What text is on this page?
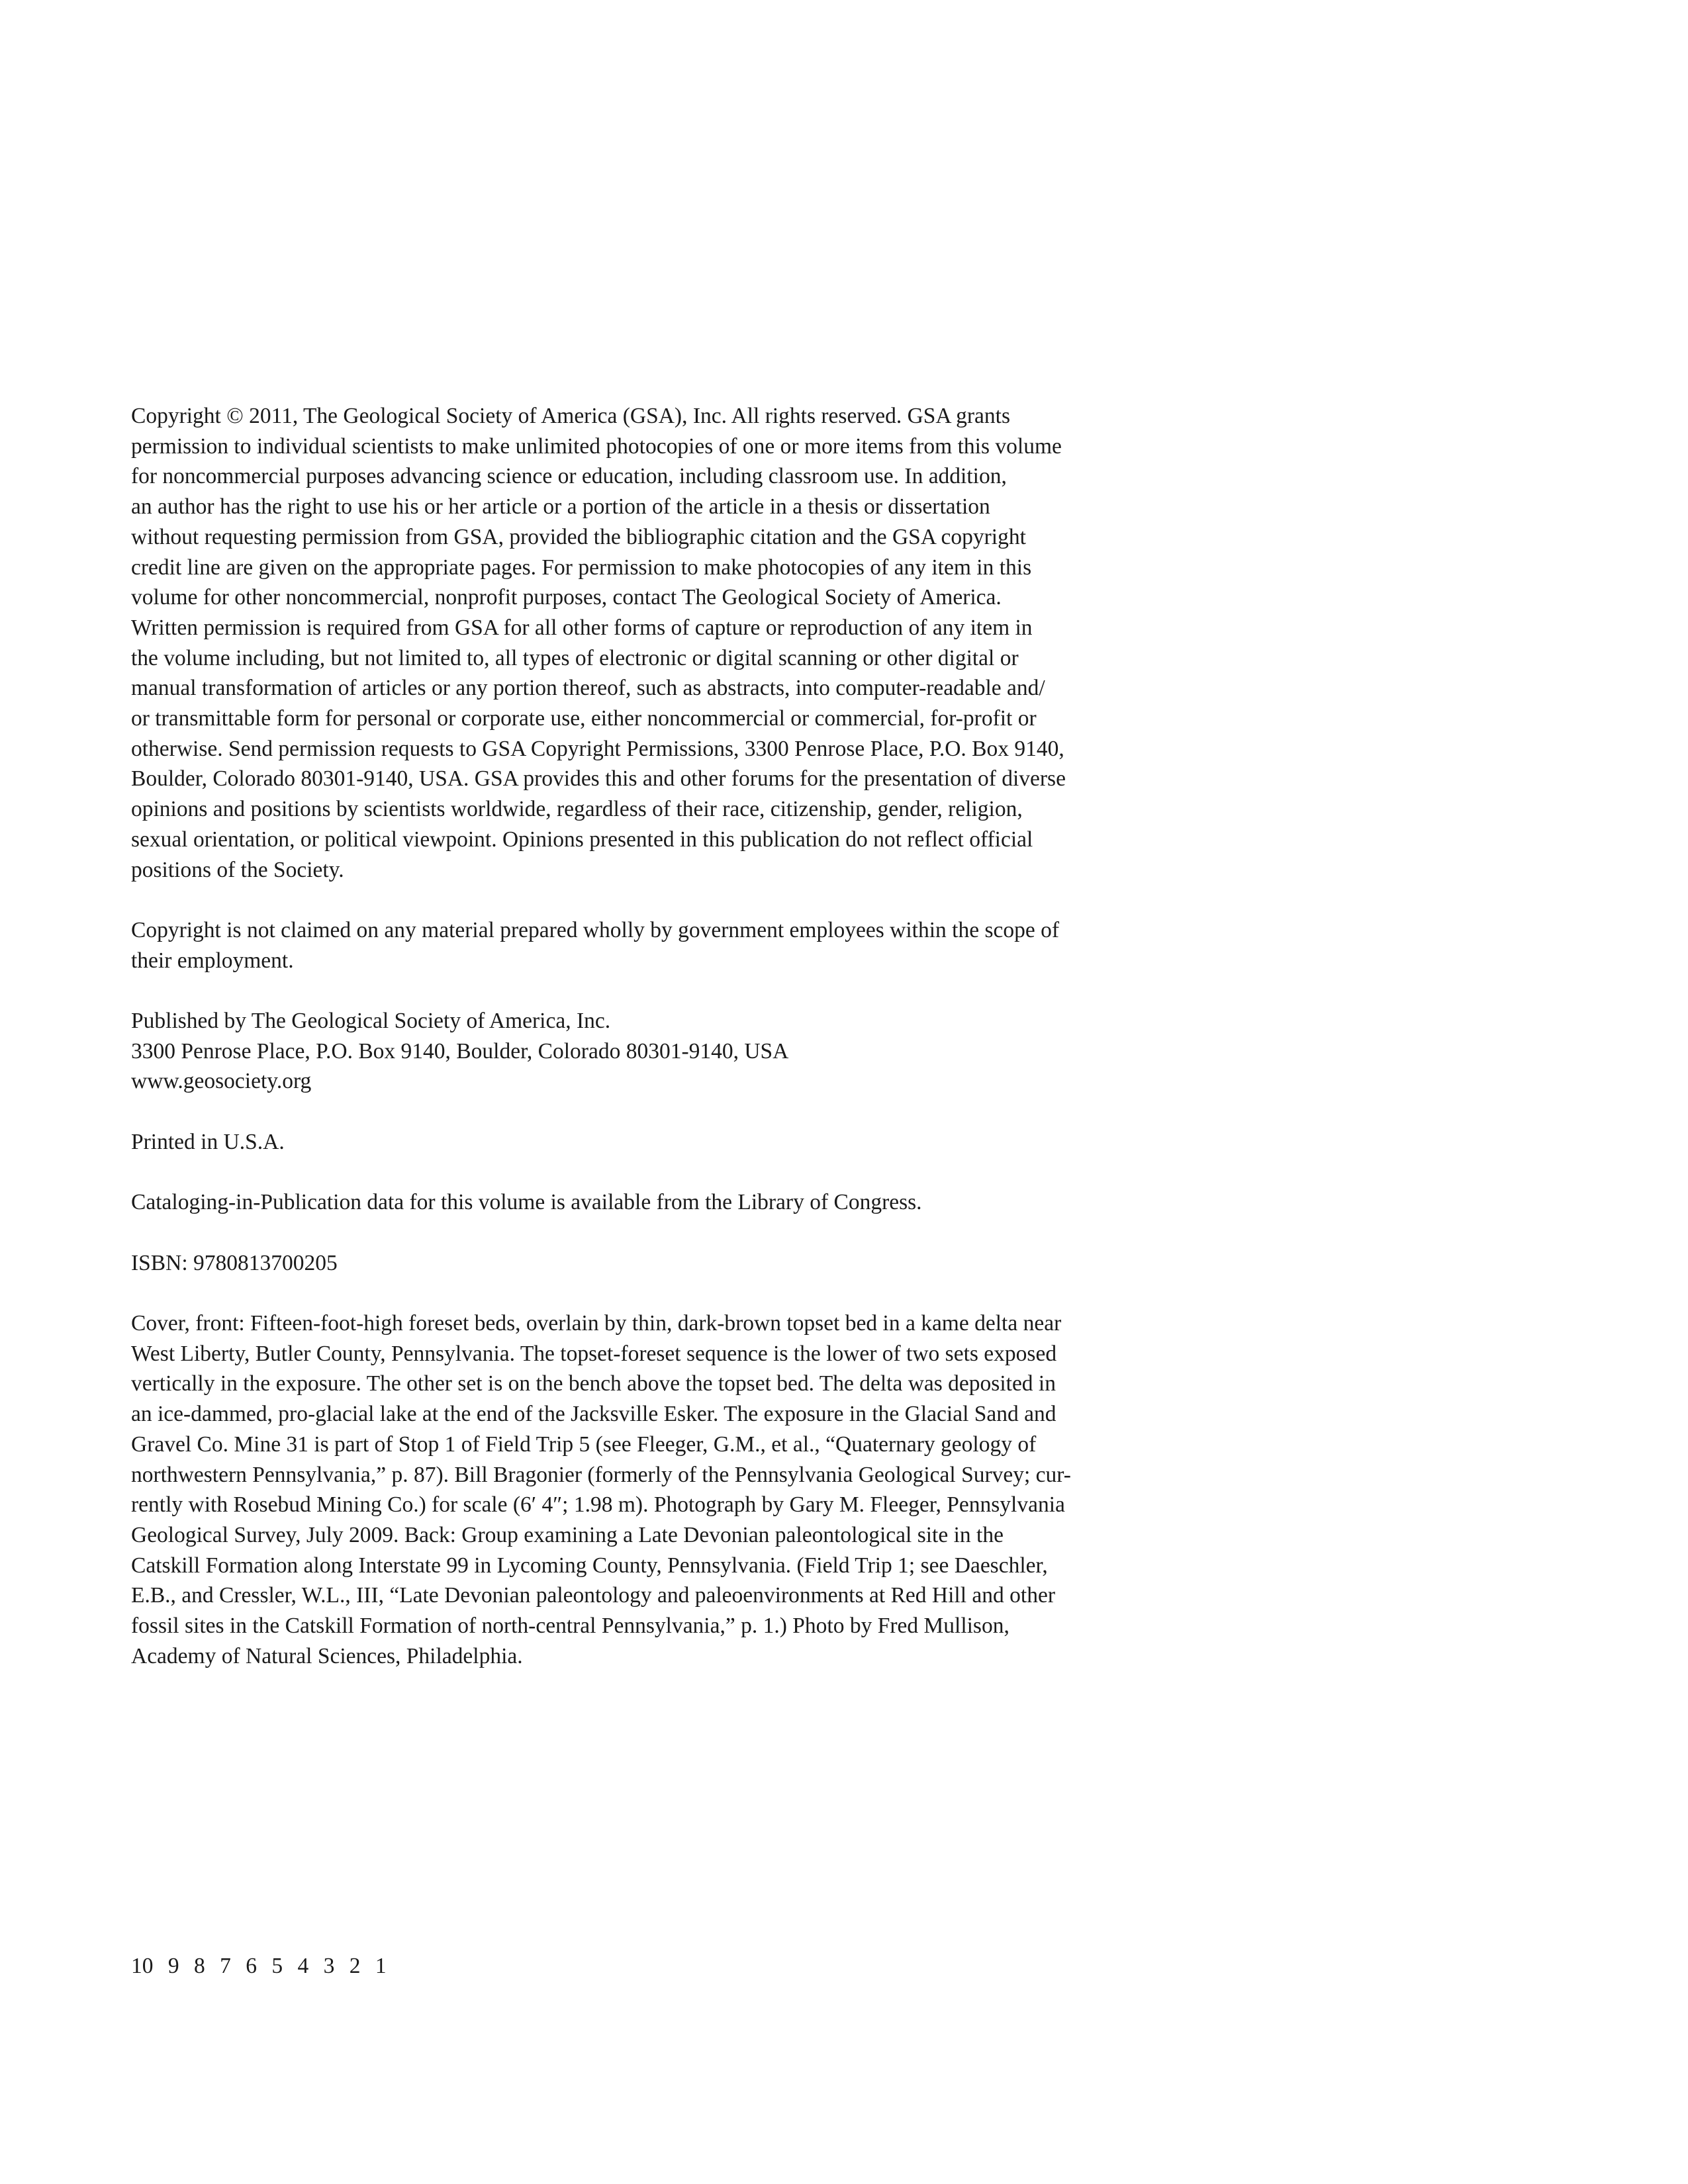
Copyright © 2011, The Geological Society of America (GSA), Inc. All rights reserved. GSA grants
permission to individual scientists to make unlimited photocopies of one or more items from this volume
for noncommercial purposes advancing science or education, including classroom use. In addition,
an author has the right to use his or her article or a portion of the article in a thesis or dissertation
without requesting permission from GSA, provided the bibliographic citation and the GSA copyright
credit line are given on the appropriate pages. For permission to make photocopies of any item in this
volume for other noncommercial, nonprofit purposes, contact The Geological Society of America.
Written permission is required from GSA for all other forms of capture or reproduction of any item in
the volume including, but not limited to, all types of electronic or digital scanning or other digital or
manual transformation of articles or any portion thereof, such as abstracts, into computer-readable and/
or transmittable form for personal or corporate use, either noncommercial or commercial, for-profit or
otherwise. Send permission requests to GSA Copyright Permissions, 3300 Penrose Place, P.O. Box 9140,
Boulder, Colorado 80301-9140, USA. GSA provides this and other forums for the presentation of diverse
opinions and positions by scientists worldwide, regardless of their race, citizenship, gender, religion,
sexual orientation, or political viewpoint. Opinions presented in this publication do not reflect official
positions of the Society.

Copyright is not claimed on any material prepared wholly by government employees within the scope of
their employment.

Published by The Geological Society of America, Inc.
3300 Penrose Place, P.O. Box 9140, Boulder, Colorado 80301-9140, USA
www.geosociety.org

Printed in U.S.A.

Cataloging-in-Publication data for this volume is available from the Library of Congress.

ISBN: 9780813700205

Cover, front: Fifteen-foot-high foreset beds, overlain by thin, dark-brown topset bed in a kame delta near
West Liberty, Butler County, Pennsylvania. The topset-foreset sequence is the lower of two sets exposed
vertically in the exposure. The other set is on the bench above the topset bed. The delta was deposited in
an ice-dammed, pro-glacial lake at the end of the Jacksville Esker. The exposure in the Glacial Sand and
Gravel Co. Mine 31 is part of Stop 1 of Field Trip 5 (see Fleeger, G.M., et al., “Quaternary geology of
northwestern Pennsylvania,” p. 87). Bill Bragonier (formerly of the Pennsylvania Geological Survey; cur-
rently with Rosebud Mining Co.) for scale (6′ 4″; 1.98 m). Photograph by Gary M. Fleeger, Pennsylvania
Geological Survey, July 2009. Back: Group examining a Late Devonian paleontological site in the
Catskill Formation along Interstate 99 in Lycoming County, Pennsylvania. (Field Trip 1; see Daeschler,
E.B., and Cressler, W.L., III, “Late Devonian paleontology and paleoenvironments at Red Hill and other
fossil sites in the Catskill Formation of north-central Pennsylvania,” p. 1.) Photo by Fred Mullison,
Academy of Natural Sciences, Philadelphia.

10 9 8 7 6 5 4 3 2 1
